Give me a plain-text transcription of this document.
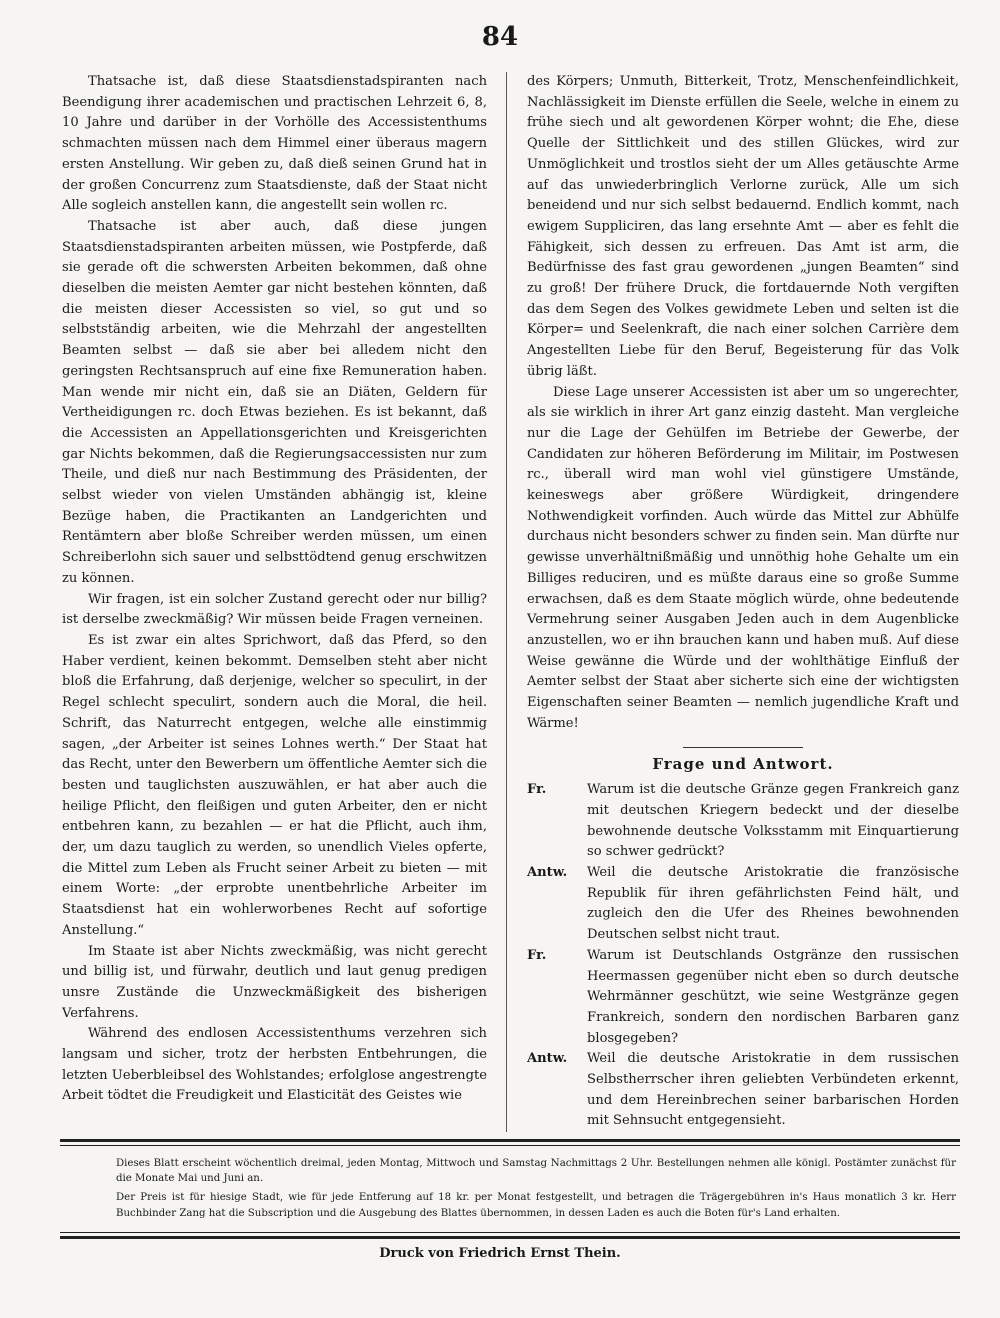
84

Thatsache ist, daß diese Staatsdienstadspiranten nach Beendigung ihrer academischen und practischen Lehrzeit 6, 8, 10 Jahre und darüber in der Vorhölle des Accessistenthums schmachten müssen nach dem Himmel einer überaus magern ersten Anstellung. Wir geben zu, daß dieß seinen Grund hat in der großen Concurrenz zum Staatsdienste, daß der Staat nicht Alle sogleich anstellen kann, die angestellt sein wollen rc.

Thatsache ist aber auch, daß diese jungen Staatsdienstadspiranten arbeiten müssen, wie Postpferde, daß sie gerade oft die schwersten Arbeiten bekommen, daß ohne dieselben die meisten Aemter gar nicht bestehen könnten, daß die meisten dieser Accessisten so viel, so gut und so selbstständig arbeiten, wie die Mehrzahl der angestellten Beamten selbst — daß sie aber bei alledem nicht den geringsten Rechtsanspruch auf eine fixe Remuneration haben. Man wende mir nicht ein, daß sie an Diäten, Geldern für Vertheidigungen rc. doch Etwas beziehen. Es ist bekannt, daß die Accessisten an Appellationsgerichten und Kreisgerichten gar Nichts bekommen, daß die Regierungsaccessisten nur zum Theile, und dieß nur nach Bestimmung des Präsidenten, der selbst wieder von vielen Umständen abhängig ist, kleine Bezüge haben, die Practikanten an Landgerichten und Rentämtern aber bloße Schreiber werden müssen, um einen Schreiberlohn sich sauer und selbsttödtend genug erschwitzen zu können.

Wir fragen, ist ein solcher Zustand gerecht oder nur billig? ist derselbe zweckmäßig? Wir müssen beide Fragen verneinen.

Es ist zwar ein altes Sprichwort, daß das Pferd, so den Haber verdient, keinen bekommt. Demselben steht aber nicht bloß die Erfahrung, daß derjenige, welcher so speculirt, in der Regel schlecht speculirt, sondern auch die Moral, die heil. Schrift, das Naturrecht entgegen, welche alle einstimmig sagen, „der Arbeiter ist seines Lohnes werth.“ Der Staat hat das Recht, unter den Bewerbern um öffentliche Aemter sich die besten und tauglichsten auszuwählen, er hat aber auch die heilige Pflicht, den fleißigen und guten Arbeiter, den er nicht entbehren kann, zu bezahlen — er hat die Pflicht, auch ihm, der, um dazu tauglich zu werden, so unendlich Vieles opferte, die Mittel zum Leben als Frucht seiner Arbeit zu bieten — mit einem Worte: „der erprobte unentbehrliche Arbeiter im Staatsdienst hat ein wohlerworbenes Recht auf sofortige Anstellung.“

Im Staate ist aber Nichts zweckmäßig, was nicht gerecht und billig ist, und fürwahr, deutlich und laut genug predigen unsre Zustände die Unzweckmäßigkeit des bisherigen Verfahrens.

Während des endlosen Accessistenthums verzehren sich langsam und sicher, trotz der herbsten Entbehrungen, die letzten Ueberbleibsel des Wohlstandes; erfolglose angestrengte Arbeit tödtet die Freudigkeit und Elasticität des Geistes wie

des Körpers; Unmuth, Bitterkeit, Trotz, Menschenfeindlichkeit, Nachlässigkeit im Dienste erfüllen die Seele, welche in einem zu frühe siech und alt gewordenen Körper wohnt; die Ehe, diese Quelle der Sittlichkeit und des stillen Glückes, wird zur Unmöglichkeit und trostlos sieht der um Alles getäuschte Arme auf das unwiederbringlich Verlorne zurück, Alle um sich beneidend und nur sich selbst bedauernd. Endlich kommt, nach ewigem Suppliciren, das lang ersehnte Amt — aber es fehlt die Fähigkeit, sich dessen zu erfreuen. Das Amt ist arm, die Bedürfnisse des fast grau gewordenen „jungen Beamten“ sind zu groß! Der frühere Druck, die fortdauernde Noth vergiften das dem Segen des Volkes gewidmete Leben und selten ist die Körper= und Seelenkraft, die nach einer solchen Carrière dem Angestellten Liebe für den Beruf, Begeisterung für das Volk übrig läßt.

Diese Lage unserer Accessisten ist aber um so ungerechter, als sie wirklich in ihrer Art ganz einzig dasteht. Man vergleiche nur die Lage der Gehülfen im Betriebe der Gewerbe, der Candidaten zur höheren Beförderung im Militair, im Postwesen rc., überall wird man wohl viel günstigere Umstände, keineswegs aber größere Würdigkeit, dringendere Nothwendigkeit vorfinden. Auch würde das Mittel zur Abhülfe durchaus nicht besonders schwer zu finden sein. Man dürfte nur gewisse unverhältnißmäßig und unnöthig hohe Gehalte um ein Billiges reduciren, und es müßte daraus eine so große Summe erwachsen, daß es dem Staate möglich würde, ohne bedeutende Vermehrung seiner Ausgaben Jeden auch in dem Augenblicke anzustellen, wo er ihn brauchen kann und haben muß. Auf diese Weise gewänne die Würde und der wohlthätige Einfluß der Aemter selbst der Staat aber sicherte sich eine der wichtigsten Eigenschaften seiner Beamten — nemlich jugendliche Kraft und Wärme!

Frage und Antwort.
Fr.	Warum ist die deutsche Gränze gegen Frankreich ganz mit deutschen Kriegern bedeckt und der dieselbe bewohnende deutsche Volksstamm mit Einquartierung so schwer gedrückt?
Antw.	Weil die deutsche Aristokratie die französische Republik für ihren gefährlichsten Feind hält, und zugleich den die Ufer des Rheines bewohnenden Deutschen selbst nicht traut.
Fr.	Warum ist Deutschlands Ostgränze den russischen Heermassen gegenüber nicht eben so durch deutsche Wehrmänner geschützt, wie seine Westgränze gegen Frankreich, sondern den nordischen Barbaren ganz blosgegeben?
Antw.	Weil die deutsche Aristokratie in dem russischen Selbstherrscher ihren geliebten Verbündeten erkennt, und dem Hereinbrechen seiner barbarischen Horden mit Sehnsucht entgegensieht.

Dieses Blatt erscheint wöchentlich dreimal, jeden Montag, Mittwoch und Samstag Nachmittags 2 Uhr. Bestellungen nehmen alle königl. Postämter zunächst für die Monate Mai und Juni an.

Der Preis ist für hiesige Stadt, wie für jede Entferung auf 18 kr. per Monat festgestellt, und betragen die Trägergebühren in's Haus monatlich 3 kr. Herr Buchbinder Zang hat die Subscription und die Ausgebung des Blattes übernommen, in dessen Laden es auch die Boten für's Land erhalten.

Druck von Friedrich Ernst Thein.
